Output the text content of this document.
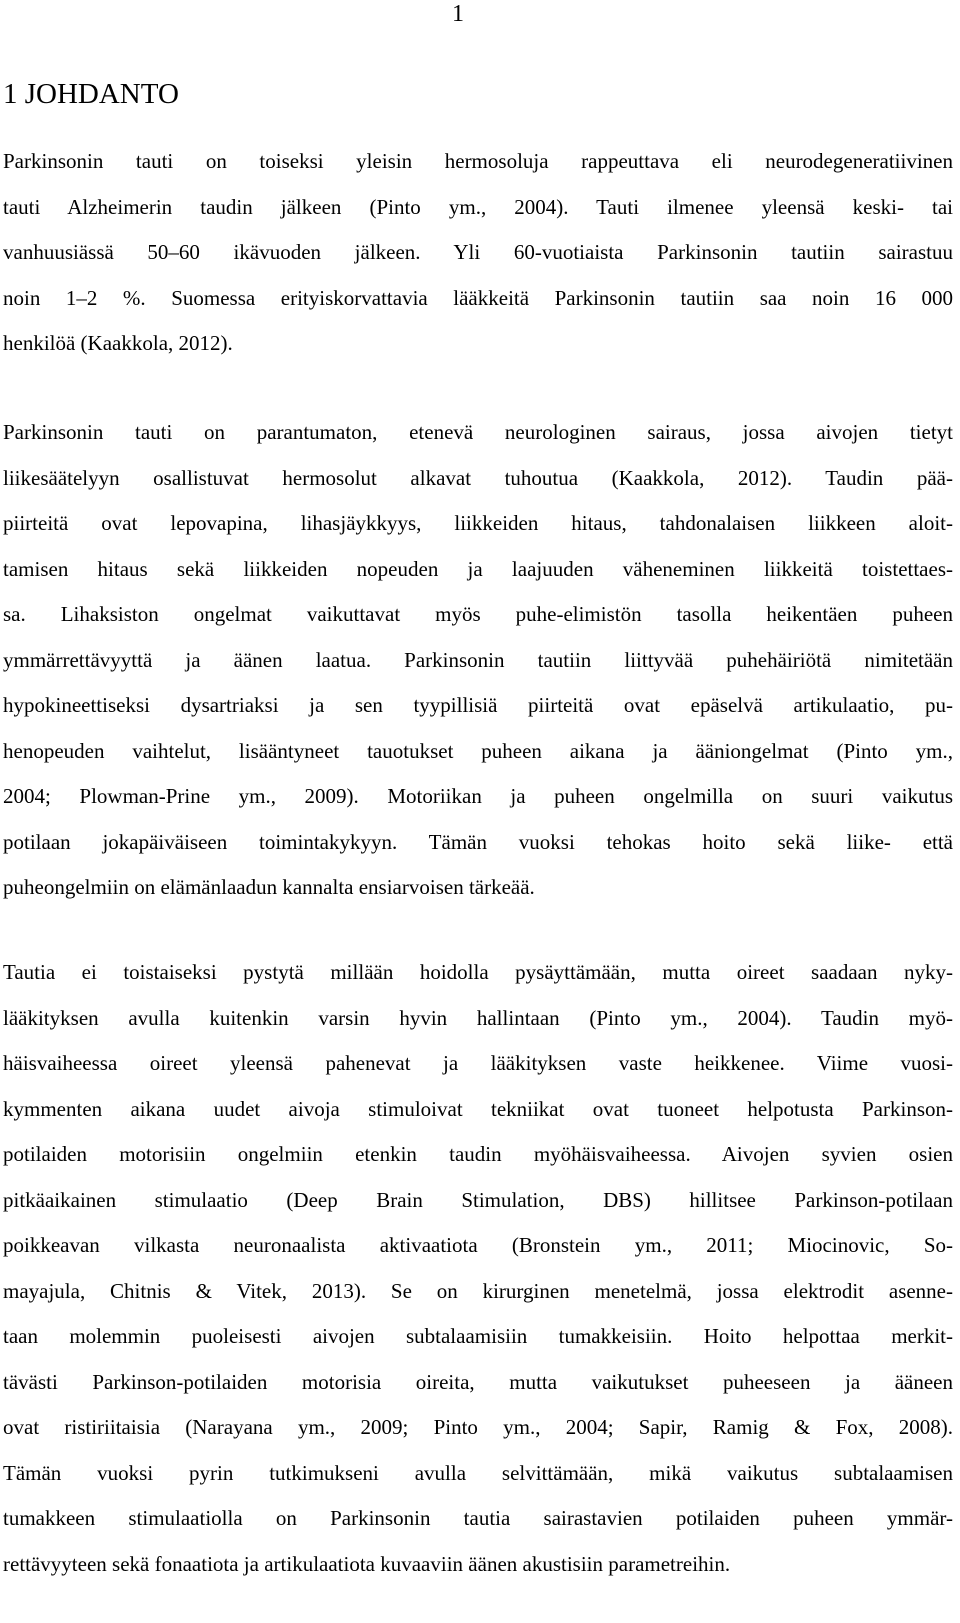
1
1 JOHDANTO
Parkinsonin tauti on toiseksi yleisin hermosoluja rappeuttava eli neurodegeneratiivinen
tauti Alzheimerin taudin jälkeen (Pinto ym., 2004). Tauti ilmenee yleensä keski- tai
vanhuusiässä 50–60 ikävuoden jälkeen. Yli 60-vuotiaista Parkinsonin tautiin sairastuu
noin 1–2 %. Suomessa erityiskorvattavia lääkkeitä Parkinsonin tautiin saa noin 16 000
henkilöä (Kaakkola, 2012).
Parkinsonin tauti on parantumaton, etenevä neurologinen sairaus, jossa aivojen tietyt
liikesäätelyyn osallistuvat hermosolut alkavat tuhoutua (Kaakkola, 2012). Taudin pää-
piirteitä ovat lepovapina, lihasjäykkyys, liikkeiden hitaus, tahdonalaisen liikkeen aloit-
tamisen hitaus sekä liikkeiden nopeuden ja laajuuden väheneminen liikkeitä toistettaes-
sa. Lihaksiston ongelmat vaikuttavat myös puhe-elimistön tasolla heikentäen puheen
ymmärrettävyyttä ja äänen laatua. Parkinsonin tautiin liittyvää puhehäiriötä nimitetään
hypokineettiseksi dysartriaksi ja sen tyypillisiä piirteitä ovat epäselvä artikulaatio, pu-
henopeuden vaihtelut, lisääntyneet tauotukset puheen aikana ja ääniongelmat (Pinto ym.,
2004; Plowman-Prine ym., 2009). Motoriikan ja puheen ongelmilla on suuri vaikutus
potilaan jokapäiväiseen toimintakykyyn. Tämän vuoksi tehokas hoito sekä liike- että
puheongelmiin on elämänlaadun kannalta ensiarvoisen tärkeää.
Tautia ei toistaiseksi pystytä millään hoidolla pysäyttämään, mutta oireet saadaan nyky-
lääkityksen avulla kuitenkin varsin hyvin hallintaan (Pinto ym., 2004). Taudin myö-
häisvaiheessa oireet yleensä pahenevat ja lääkityksen vaste heikkenee. Viime vuosi-
kymmenten aikana uudet aivoja stimuloivat tekniikat ovat tuoneet helpotusta Parkinson-
potilaiden motorisiin ongelmiin etenkin taudin myöhäisvaiheessa. Aivojen syvien osien
pitkäaikainen stimulaatio (Deep Brain Stimulation, DBS) hillitsee Parkinson-potilaan
poikkeavan vilkasta neuronaalista aktivaatiota (Bronstein ym., 2011; Miocinovic, So-
mayajula, Chitnis & Vitek, 2013). Se on kirurginen menetelmä, jossa elektrodit asenne-
taan molemmin puoleisesti aivojen subtalaamisiin tumakkeisiin. Hoito helpottaa merkit-
tävästi Parkinson-potilaiden motorisia oireita, mutta vaikutukset puheeseen ja ääneen
ovat ristiriitaisia (Narayana ym., 2009; Pinto ym., 2004; Sapir, Ramig & Fox, 2008).
Tämän vuoksi pyrin tutkimukseni avulla selvittämään, mikä vaikutus subtalaamisen
tumakkeen stimulaatiolla on Parkinsonin tautia sairastavien potilaiden puheen ymmär-
rettävyyteen sekä fonaatiota ja artikulaatiota kuvaaviin äänen akustisiin parametreihin.
